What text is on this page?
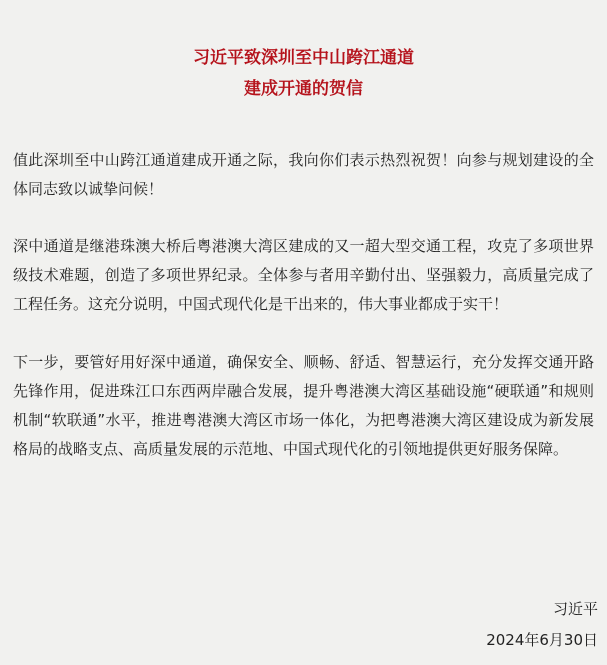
习近平致深圳至中山跨江通道
建成开通的贺信

值此深圳至中山跨江通道建成开通之际，我向你们表示热烈祝贺！向参与规划建设的全体同志致以诚挚问候！

深中通道是继港珠澳大桥后粤港澳大湾区建成的又一超大型交通工程，攻克了多项世界级技术难题，创造了多项世界纪录。全体参与者用辛勤付出、坚强毅力，高质量完成了工程任务。这充分说明，中国式现代化是干出来的，伟大事业都成于实干！

下一步，要管好用好深中通道，确保安全、顺畅、舒适、智慧运行，充分发挥交通开路先锋作用，促进珠江口东西两岸融合发展，提升粤港澳大湾区基础设施“硬联通”和规则机制“软联通”水平，推进粤港澳大湾区市场一体化，为把粤港澳大湾区建设成为新发展格局的战略支点、高质量发展的示范地、中国式现代化的引领地提供更好服务保障。

习近平
2024年6月30日
